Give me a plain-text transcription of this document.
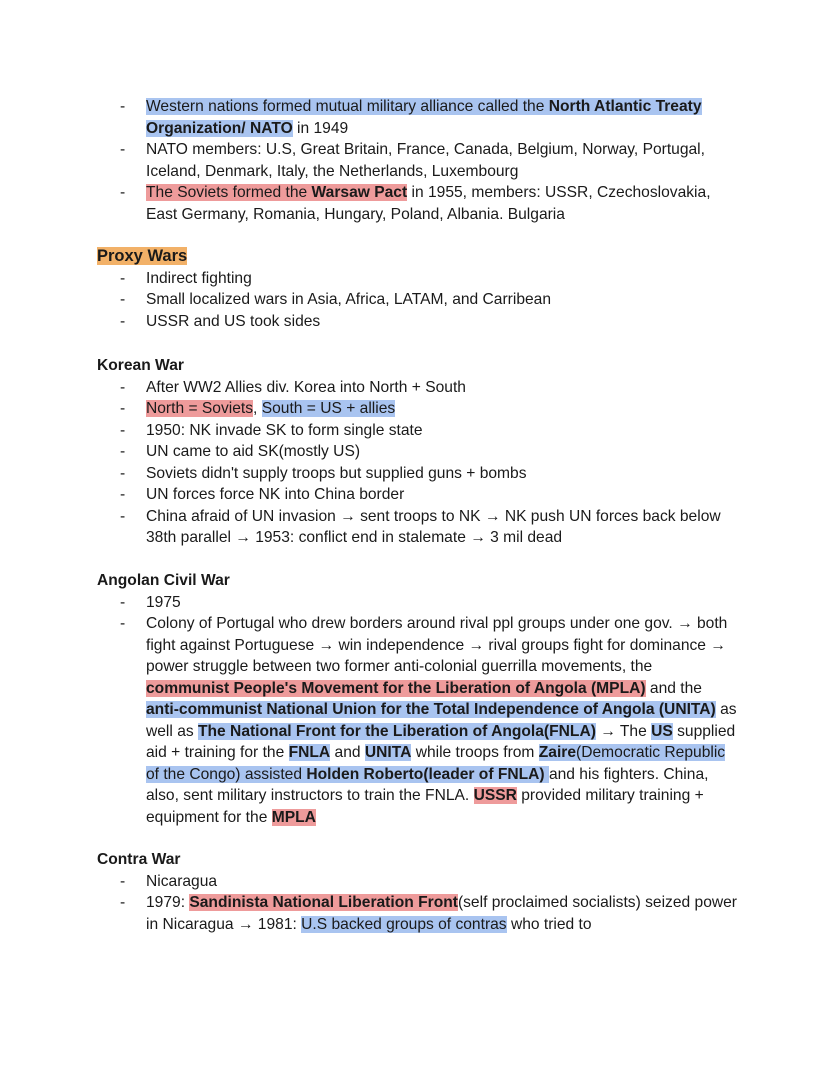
- Western nations formed mutual military alliance called the North Atlantic Treaty Organization/ NATO in 1949
- NATO members: U.S, Great Britain, France, Canada, Belgium, Norway, Portugal, Iceland, Denmark, Italy, the Netherlands, Luxembourg
- The Soviets formed the Warsaw Pact in 1955, members: USSR, Czechoslovakia, East Germany, Romania, Hungary, Poland, Albania. Bulgaria

Proxy Wars

- Indirect fighting
- Small localized wars in Asia, Africa, LATAM, and Carribean
- USSR and US took sides

Korean War

- After WW2 Allies div. Korea into North + South
- North = Soviets, South = US + allies
- 1950: NK invade SK to form single state
- UN came to aid SK(mostly US)
- Soviets didn't supply troops but supplied guns + bombs
- UN forces force NK into China border
- China afraid of UN invasion → sent troops to NK → NK push UN forces back below 38th parallel → 1953: conflict end in stalemate → 3 mil dead

Angolan Civil War

- 1975
- Colony of Portugal who drew borders around rival ppl groups under one gov. → both fight against Portuguese → win independence → rival groups fight for dominance → power struggle between two former anti-colonial guerrilla movements, the communist People's Movement for the Liberation of Angola (MPLA) and the anti-communist National Union for the Total Independence of Angola (UNITA) as well as The National Front for the Liberation of Angola(FNLA) → The US supplied aid + training for the FNLA and UNITA while troops from Zaire(Democratic Republic of the Congo) assisted Holden Roberto(leader of FNLA) and his fighters. China, also, sent military instructors to train the FNLA. USSR provided military training + equipment for the MPLA

Contra War

- Nicaragua
- 1979: Sandinista National Liberation Front(self proclaimed socialists) seized power in Nicaragua → 1981: U.S backed groups of contras who tried to
